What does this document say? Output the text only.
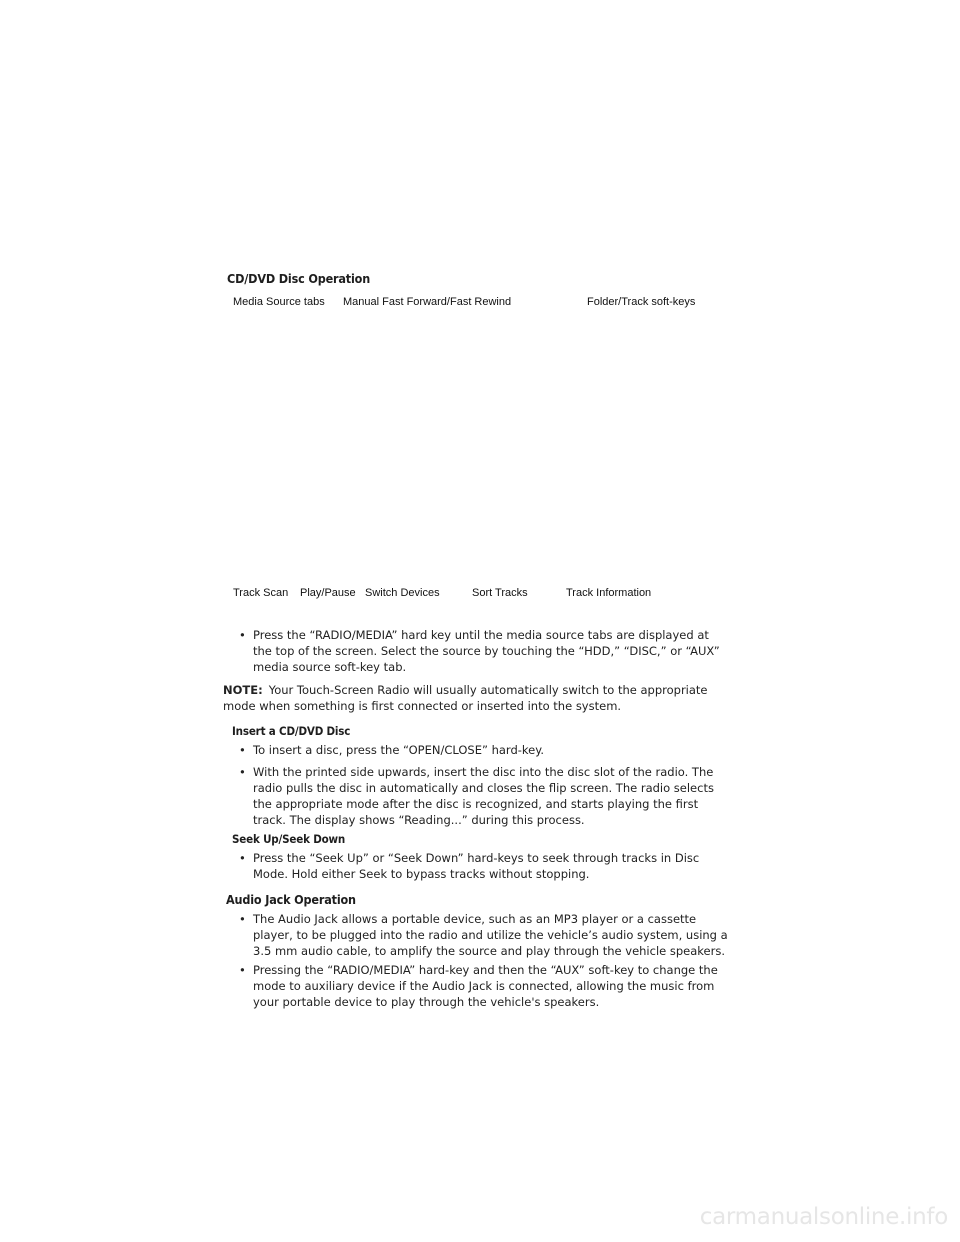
CD/DVD Disc Operation
Media Source tabs Manual Fast Forward/Fast Rewind	Folder/Track soft-keys
Track Scan Play/Pause Switch Devices	Sort Tracks	Track Information
• Press the “RADIO/MEDIA” hard key until the media source tabs are displayed at the top of the screen. Select the source by touching the “HDD,” “DISC,” or “AUX” media source soft-key tab.
NOTE: Your Touch-Screen Radio will usually automatically switch to the appropriate mode when something is first connected or inserted into the system.
Insert a CD/DVD Disc
• To insert a disc, press the “OPEN/CLOSE” hard-key.
• With the printed side upwards, insert the disc into the disc slot of the radio. The radio pulls the disc in automatically and closes the flip screen. The radio selects the appropriate mode after the disc is recognized, and starts playing the first track. The display shows “Reading...” during this process.
Seek Up/Seek Down
• Press the “Seek Up” or “Seek Down” hard-keys to seek through tracks in Disc Mode. Hold either Seek to bypass tracks without stopping.
Audio Jack Operation
• The Audio Jack allows a portable device, such as an MP3 player or a cassette player, to be plugged into the radio and utilize the vehicle’s audio system, using a 3.5 mm audio cable, to amplify the source and play through the vehicle speakers.
• Pressing the “RADIO/MEDIA” hard-key and then the “AUX” soft-key to change the mode to auxiliary device if the Audio Jack is connected, allowing the music from your portable device to play through the vehicle's speakers.
carmanualsonline.info
